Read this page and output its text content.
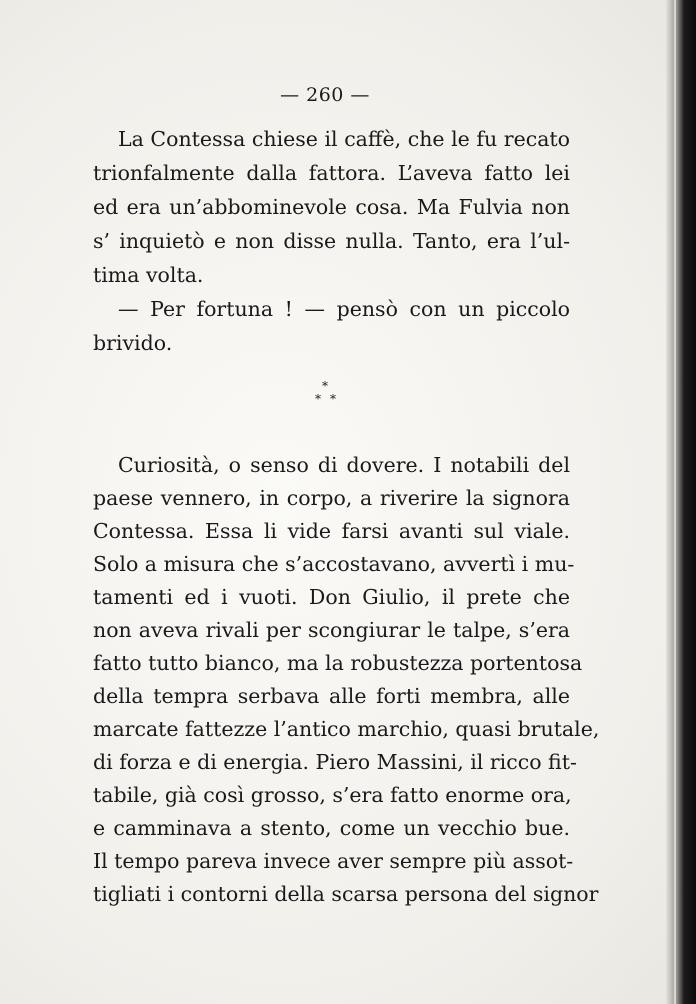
— 260 —
La Contessa chiese il caffè, che le fu recato
trionfalmente dalla fattora. L’aveva fatto lei
ed era un’abbominevole cosa. Ma Fulvia non
s’ inquietò e non disse nulla. Tanto, era l’ul-
tima volta.
— Per fortuna ! — pensò con un piccolo
brivido.
*
* *
Curiosità, o senso di dovere. I notabili del
paese vennero, in corpo, a riverire la signora
Contessa. Essa li vide farsi avanti sul viale.
Solo a misura che s’accostavano, avvertì i mu-
tamenti ed i vuoti. Don Giulio, il prete che
non aveva rivali per scongiurar le talpe, s’era
fatto tutto bianco, ma la robustezza portentosa
della tempra serbava alle forti membra, alle
marcate fattezze l’antico marchio, quasi brutale,
di forza e di energia. Piero Massini, il ricco fit-
tabile, già così grosso, s’era fatto enorme ora,
e camminava a stento, come un vecchio bue.
Il tempo pareva invece aver sempre più assot-
tigliati i contorni della scarsa persona del signor
